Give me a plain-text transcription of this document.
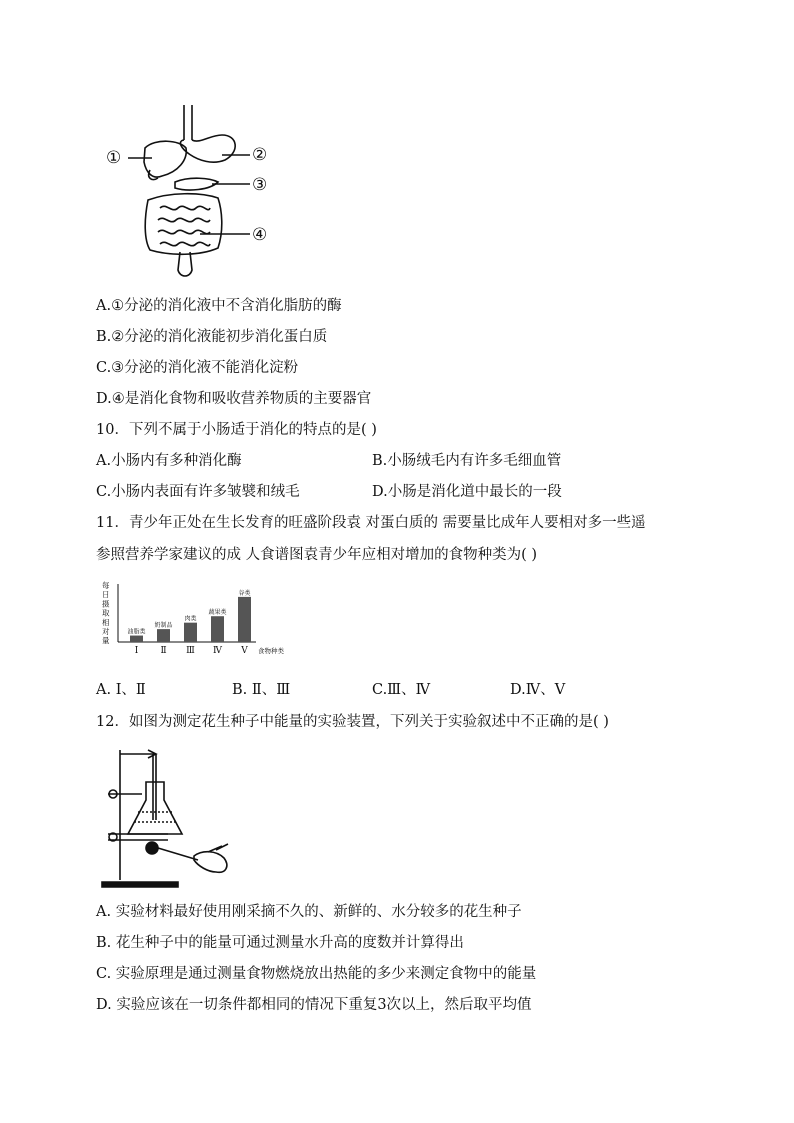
①	②
③
④
A.①分泌的消化液中不含消化脂肪的酶
B.②分泌的消化液能初步消化蛋白质
C.③分泌的消化液不能消化淀粉
D.④是消化食物和吸收营养物质的主要器官
10．下列不属于小肠适于消化的特点的是( )
A.小肠内有多种消化酶	B.小肠绒毛内有许多毛细血管
C.小肠内表面有许多皱襞和绒毛	D.小肠是消化道中最长的一段
11．青少年正处在生长发育的旺盛阶段袁 对蛋白质的 需要量比成年人要相对多一些遥
参照营养学家建议的成 人食谱图袁青少年应相对增加的食物种类为( )
每日摄取相对量
油脂类
Ⅰ
奶制品
Ⅱ
肉类
Ⅲ
蔬果类
Ⅳ
谷类
Ⅴ 食物种类
A. Ⅰ、Ⅱ	B. Ⅱ、Ⅲ	C.Ⅲ、Ⅳ	D.Ⅳ、Ⅴ
12．如图为测定花生种子中能量的实验装置，下列关于实验叙述中不正确的是( )
A. 实验材料最好使用刚采摘不久的、新鲜的、水分较多的花生种子
B. 花生种子中的能量可通过测量水升高的度数并计算得出
C. 实验原理是通过测量食物燃烧放出热能的多少来测定食物中的能量
D. 实验应该在一切条件都相同的情况下重复3次以上，然后取平均值
